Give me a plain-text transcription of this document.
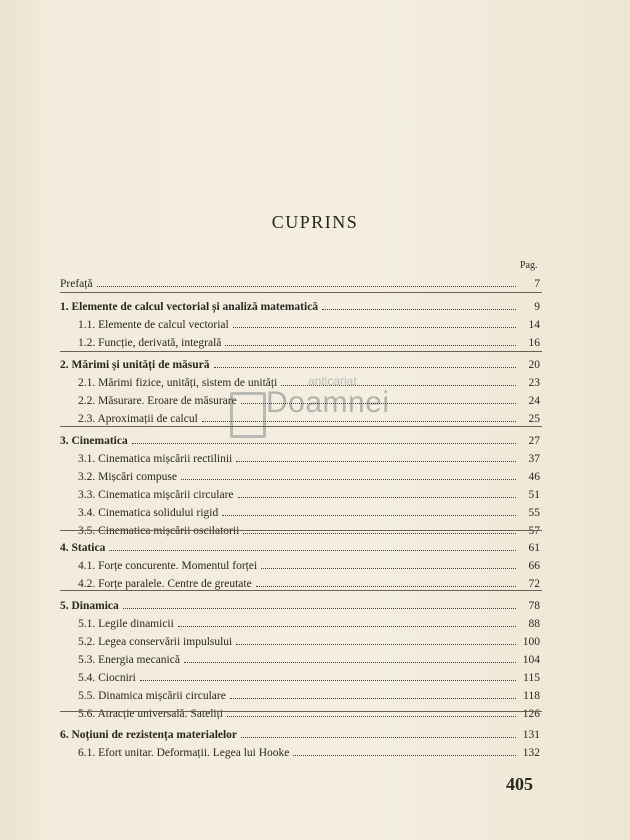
CUPRINS
Pag.
anticariat
Doamnei
Prefață	7
1. Elemente de calcul vectorial și analiză matematică	9
1.1. Elemente de calcul vectorial	14
1.2. Funcție, derivată, integrală	16
2. Mărimi și unități de măsură	20
2.1. Mărimi fizice, unități, sistem de unități	23
2.2. Măsurare. Eroare de măsurare	24
2.3. Aproximații de calcul	25
3. Cinematica	27
3.1. Cinematica mișcării rectilinii	37
3.2. Mișcări compuse	46
3.3. Cinematica mișcării circulare	51
3.4. Cinematica solidului rigid	55
3.5. Cinematica mișcării oscilatorii	57
4. Statica	61
4.1. Forțe concurente. Momentul forței	66
4.2. Forțe paralele. Centre de greutate	72
5. Dinamica	78
5.1. Legile dinamicii	88
5.2. Legea conservării impulsului	100
5.3. Energia mecanică	104
5.4. Ciocniri	115
5.5. Dinamica mișcării circulare	118
5.6. Atracție universală. Sateliți	126
6. Noțiuni de rezistența materialelor	131
6.1. Efort unitar. Deformații. Legea lui Hooke	132
405
